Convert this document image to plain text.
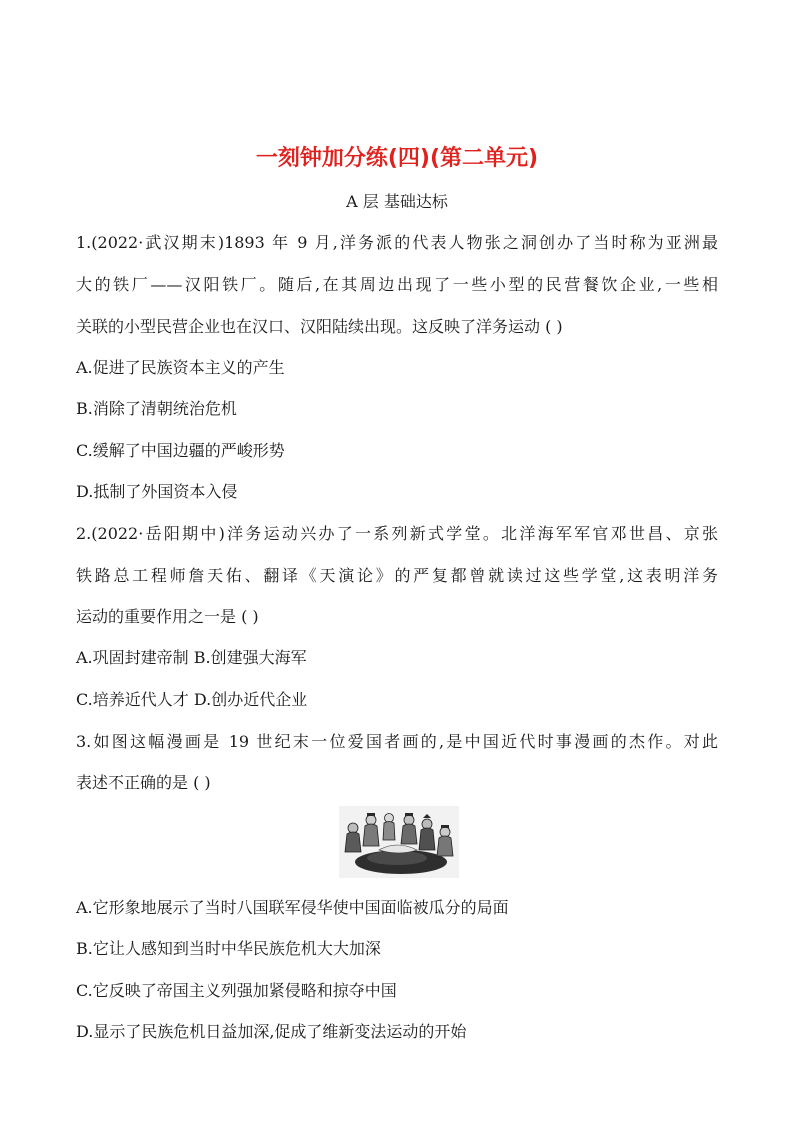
一刻钟加分练(四)(第二单元)
A 层 基础达标
1.(2022·武汉期末)1893 年 9 月,洋务派的代表人物张之洞创办了当时称为亚洲最
大的铁厂——汉阳铁厂。随后,在其周边出现了一些小型的民营餐饮企业,一些相
关联的小型民营企业也在汉口、汉阳陆续出现。这反映了洋务运动 ( )
A.促进了民族资本主义的产生
B.消除了清朝统治危机
C.缓解了中国边疆的严峻形势
D.抵制了外国资本入侵
2.(2022·岳阳期中)洋务运动兴办了一系列新式学堂。北洋海军军官邓世昌、京张
铁路总工程师詹天佑、翻译《天演论》的严复都曾就读过这些学堂,这表明洋务
运动的重要作用之一是 ( )
A.巩固封建帝制 B.创建强大海军
C.培养近代人才 D.创办近代企业
3.如图这幅漫画是 19 世纪末一位爱国者画的,是中国近代时事漫画的杰作。对此
表述不正确的是 ( )
A.它形象地展示了当时八国联军侵华使中国面临被瓜分的局面
B.它让人感知到当时中华民族危机大大加深
C.它反映了帝国主义列强加紧侵略和掠夺中国
D.显示了民族危机日益加深,促成了维新变法运动的开始
